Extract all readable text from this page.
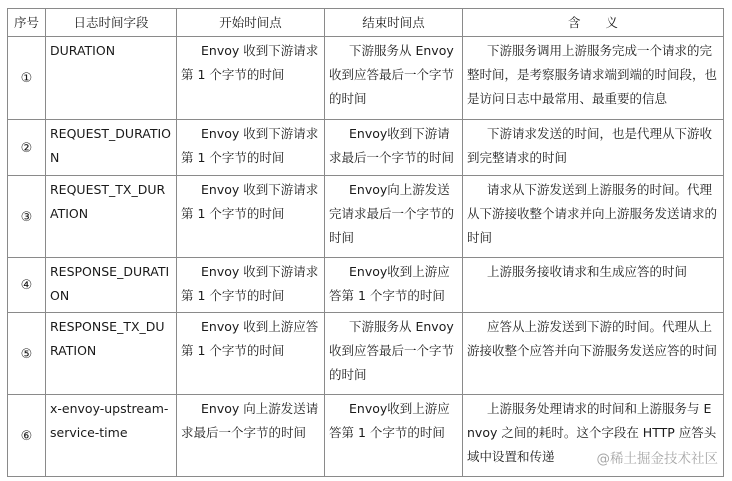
序号	日志时间字段	开始时间点	结束时间点	含　　义
①	DURATION	Envoy 收到下游请求第 1 个字节的时间	下游服务从 Envoy 收到应答最后一个字节的时间	下游服务调用上游服务完成一个请求的完整时间，是考察服务请求端到端的时间段，也是访问日志中最常用、最重要的信息
②	REQUEST_DURATION	Envoy 收到下游请求第 1 个字节的时间	Envoy收到下游请求最后一个字节的时间	下游请求发送的时间，也是代理从下游收到完整请求的时间
③	REQUEST_TX_DURATION	Envoy 收到下游请求第 1 个字节的时间	Envoy向上游发送完请求最后一个字节的时间	请求从下游发送到上游服务的时间。代理从下游接收整个请求并向上游服务发送请求的时间
④	RESPONSE_DURATION	Envoy 收到下游请求第 1 个字节的时间	Envoy收到上游应答第 1 个字节的时间	上游服务接收请求和生成应答的时间
⑤	RESPONSE_TX_DURATION	Envoy 收到上游应答第 1 个字节的时间	下游服务从 Envoy 收到应答最后一个字节的时间	应答从上游发送到下游的时间。代理从上游接收整个应答并向下游服务发送应答的时间
⑥	x-envoy-upstream-service-time	Envoy 向上游发送请求最后一个字节的时间	Envoy收到上游应答第 1 个字节的时间	上游服务处理请求的时间和上游服务与 Envoy 之间的耗时。这个字段在 HTTP 应答头域中设置和传递	@稀土掘金技术社区
